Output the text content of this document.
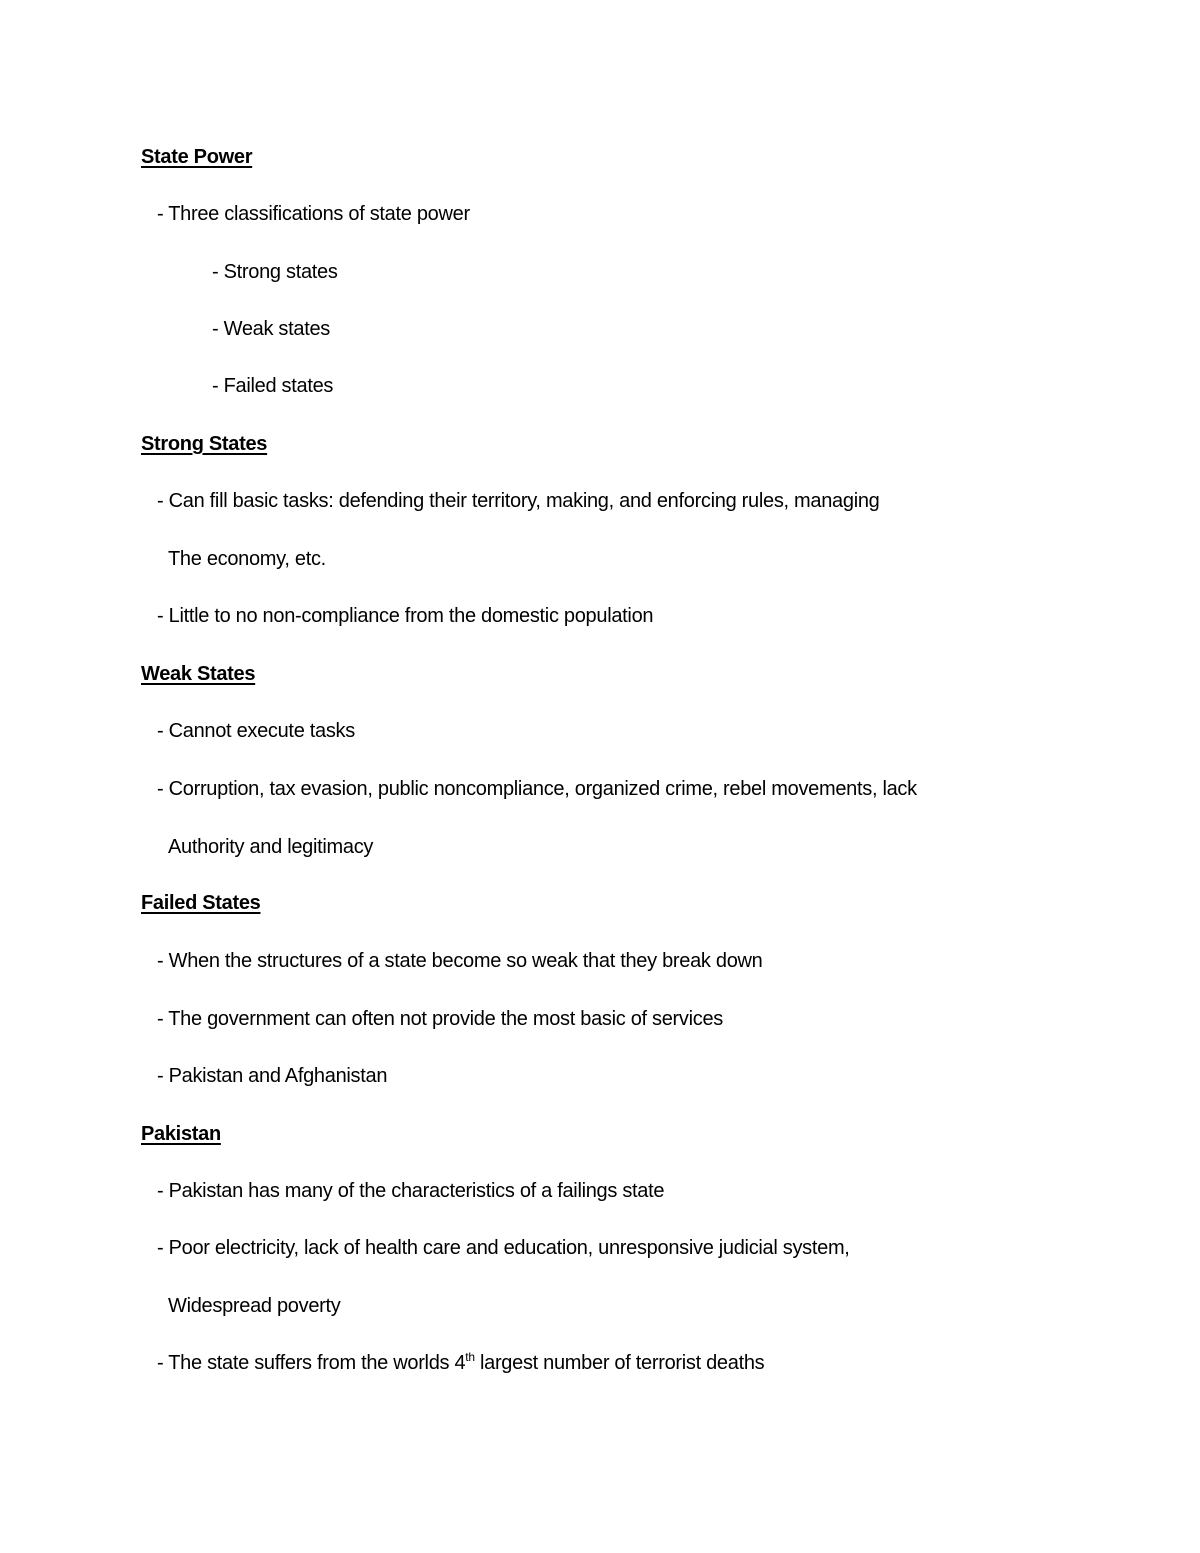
State Power
- Three classifications of state power
- Strong states
- Weak states
- Failed states
Strong States
- Can fill basic tasks: defending their territory, making, and enforcing rules, managing
The economy, etc.
- Little to no non-compliance from the domestic population
Weak States
- Cannot execute tasks
- Corruption, tax evasion, public noncompliance, organized crime, rebel movements, lack
Authority and legitimacy
Failed States
- When the structures of a state become so weak that they break down
- The government can often not provide the most basic of services
- Pakistan and Afghanistan
Pakistan
- Pakistan has many of the characteristics of a failings state
- Poor electricity, lack of health care and education, unresponsive judicial system,
Widespread poverty
- The state suffers from the worlds 4th largest number of terrorist deaths
